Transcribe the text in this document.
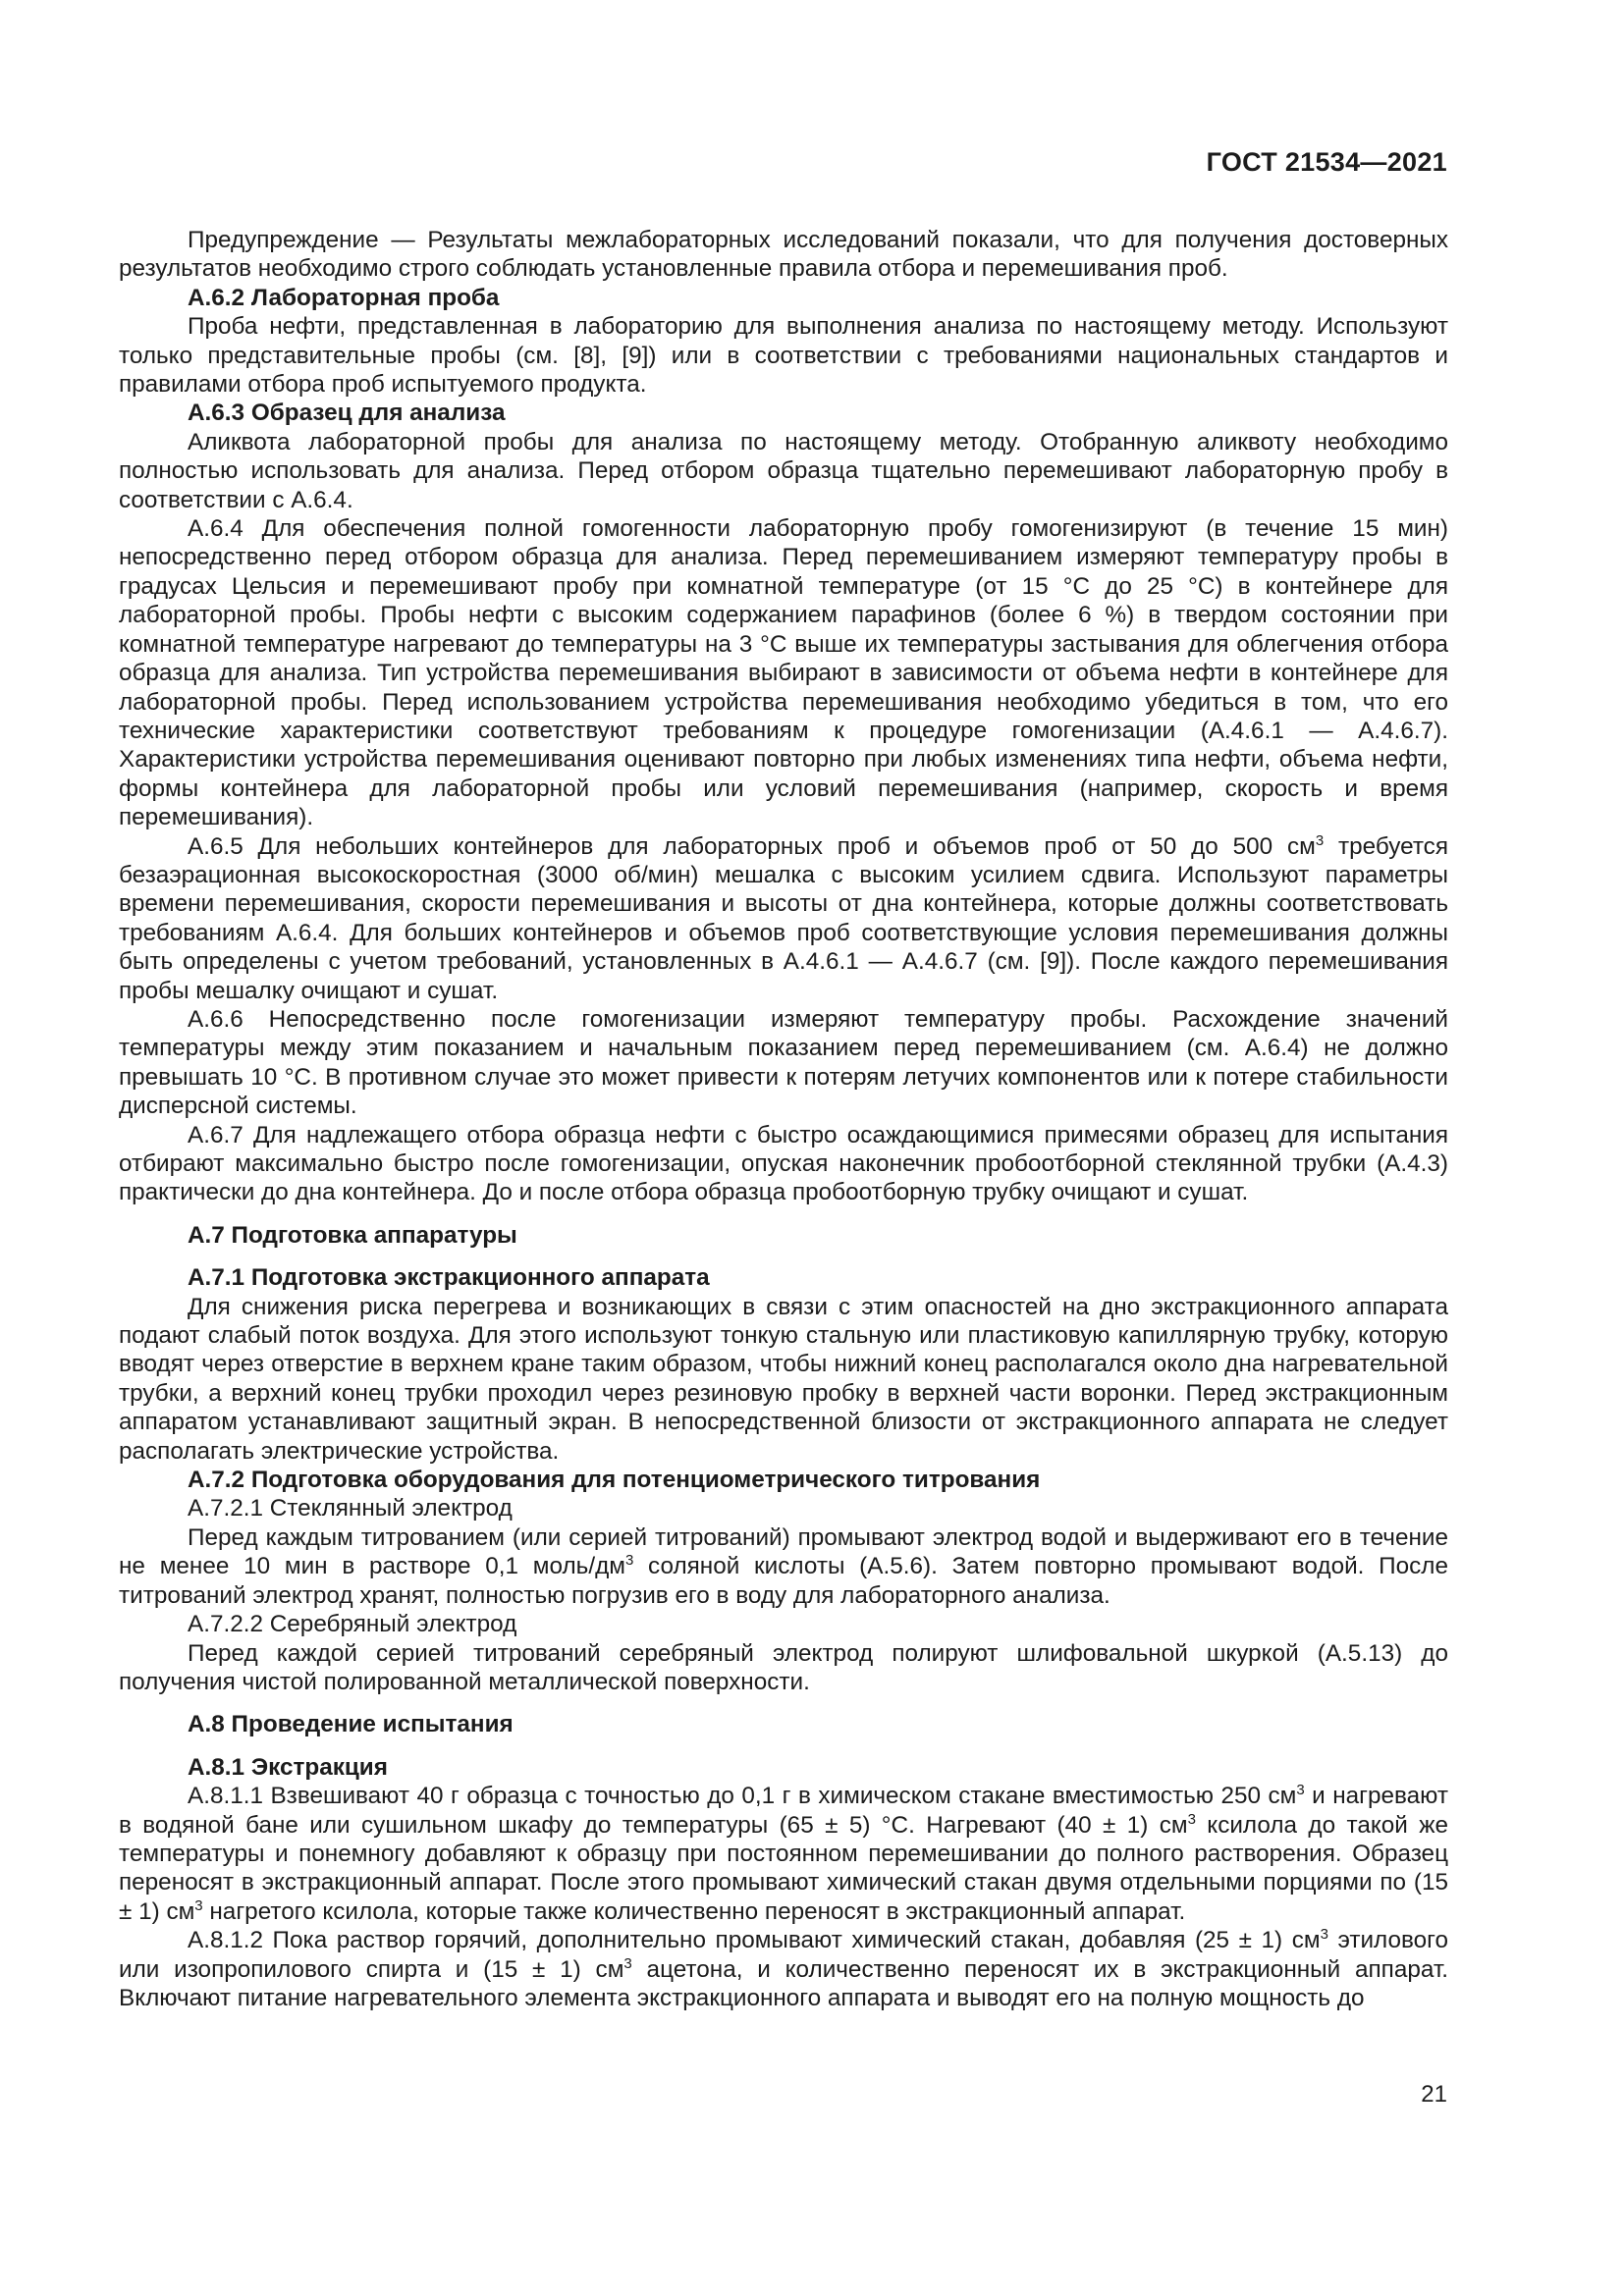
ГОСТ 21534—2021

Предупреждение — Результаты межлабораторных исследований показали, что для получения достоверных результатов необходимо строго соблюдать установленные правила отбора и перемешивания проб.

А.6.2 Лабораторная проба

Проба нефти, представленная в лабораторию для выполнения анализа по настоящему методу. Используют только представительные пробы (см. [8], [9]) или в соответствии с требованиями национальных стандартов и правилами отбора проб испытуемого продукта.

А.6.3 Образец для анализа

Аликвота лабораторной пробы для анализа по настоящему методу. Отобранную аликвоту необходимо полностью использовать для анализа. Перед отбором образца тщательно перемешивают лабораторную пробу в соответствии с А.6.4.

А.6.4 Для обеспечения полной гомогенности лабораторную пробу гомогенизируют (в течение 15 мин) непосредственно перед отбором образца для анализа. Перед перемешиванием измеряют температуру пробы в градусах Цельсия и перемешивают пробу при комнатной температуре (от 15 °С до 25 °С) в контейнере для лабораторной пробы. Пробы нефти с высоким содержанием парафинов (более 6 %) в твердом состоянии при комнатной температуре нагревают до температуры на 3 °С выше их температуры застывания для облегчения отбора образца для анализа. Тип устройства перемешивания выбирают в зависимости от объема нефти в контейнере для лабораторной пробы. Перед использованием устройства перемешивания необходимо убедиться в том, что его технические характеристики соответствуют требованиям к процедуре гомогенизации (А.4.6.1 — А.4.6.7). Характеристики устройства перемешивания оценивают повторно при любых изменениях типа нефти, объема нефти, формы контейнера для лабораторной пробы или условий перемешивания (например, скорость и время перемешивания).

А.6.5 Для небольших контейнеров для лабораторных проб и объемов проб от 50 до 500 $см^3$ требуется безаэрационная высокоскоростная (3000 об/мин) мешалка с высоким усилием сдвига. Используют параметры времени перемешивания, скорости перемешивания и высоты от дна контейнера, которые должны соответствовать требованиям А.6.4. Для больших контейнеров и объемов проб соответствующие условия перемешивания должны быть определены с учетом требований, установленных в А.4.6.1 — А.4.6.7 (см. [9]). После каждого перемешивания пробы мешалку очищают и сушат.

А.6.6 Непосредственно после гомогенизации измеряют температуру пробы. Расхождение значений температуры между этим показанием и начальным показанием перед перемешиванием (см. А.6.4) не должно превышать 10 °С. В противном случае это может привести к потерям летучих компонентов или к потере стабильности дисперсной системы.

А.6.7 Для надлежащего отбора образца нефти с быстро осаждающимися примесями образец для испытания отбирают максимально быстро после гомогенизации, опуская наконечник пробоотборной стеклянной трубки (А.4.3) практически до дна контейнера. До и после отбора образца пробоотборную трубку очищают и сушат.

А.7 Подготовка аппаратуры

А.7.1 Подготовка экстракционного аппарата

Для снижения риска перегрева и возникающих в связи с этим опасностей на дно экстракционного аппарата подают слабый поток воздуха. Для этого используют тонкую стальную или пластиковую капиллярную трубку, которую вводят через отверстие в верхнем кране таким образом, чтобы нижний конец располагался около дна нагревательной трубки, а верхний конец трубки проходил через резиновую пробку в верхней части воронки. Перед экстракционным аппаратом устанавливают защитный экран. В непосредственной близости от экстракционного аппарата не следует располагать электрические устройства.

А.7.2 Подготовка оборудования для потенциометрического титрования

А.7.2.1 Стеклянный электрод

Перед каждым титрованием (или серией титрований) промывают электрод водой и выдерживают его в течение не менее 10 мин в растворе 0,1 моль/$дм^3$ соляной кислоты (А.5.6). Затем повторно промывают водой. После титрований электрод хранят, полностью погрузив его в воду для лабораторного анализа.

А.7.2.2 Серебряный электрод

Перед каждой серией титрований серебряный электрод полируют шлифовальной шкуркой (А.5.13) до получения чистой полированной металлической поверхности.

А.8 Проведение испытания

А.8.1 Экстракция

А.8.1.1 Взвешивают 40 г образца с точностью до 0,1 г в химическом стакане вместимостью 250 $см^3$ и нагревают в водяной бане или сушильном шкафу до температуры (65 ± 5) °С. Нагревают (40 ± 1) $см^3$ ксилола до такой же температуры и понемногу добавляют к образцу при постоянном перемешивании до полного растворения. Образец переносят в экстракционный аппарат. После этого промывают химический стакан двумя отдельными порциями по (15 ± 1) $см^3$ нагретого ксилола, которые также количественно переносят в экстракционный аппарат.

А.8.1.2 Пока раствор горячий, дополнительно промывают химический стакан, добавляя (25 ± 1) $см^3$ этилового или изопропилового спирта и (15 ± 1) $см^3$ ацетона, и количественно переносят их в экстракционный аппарат. Включают питание нагревательного элемента экстракционного аппарата и выводят его на полную мощность до

21
